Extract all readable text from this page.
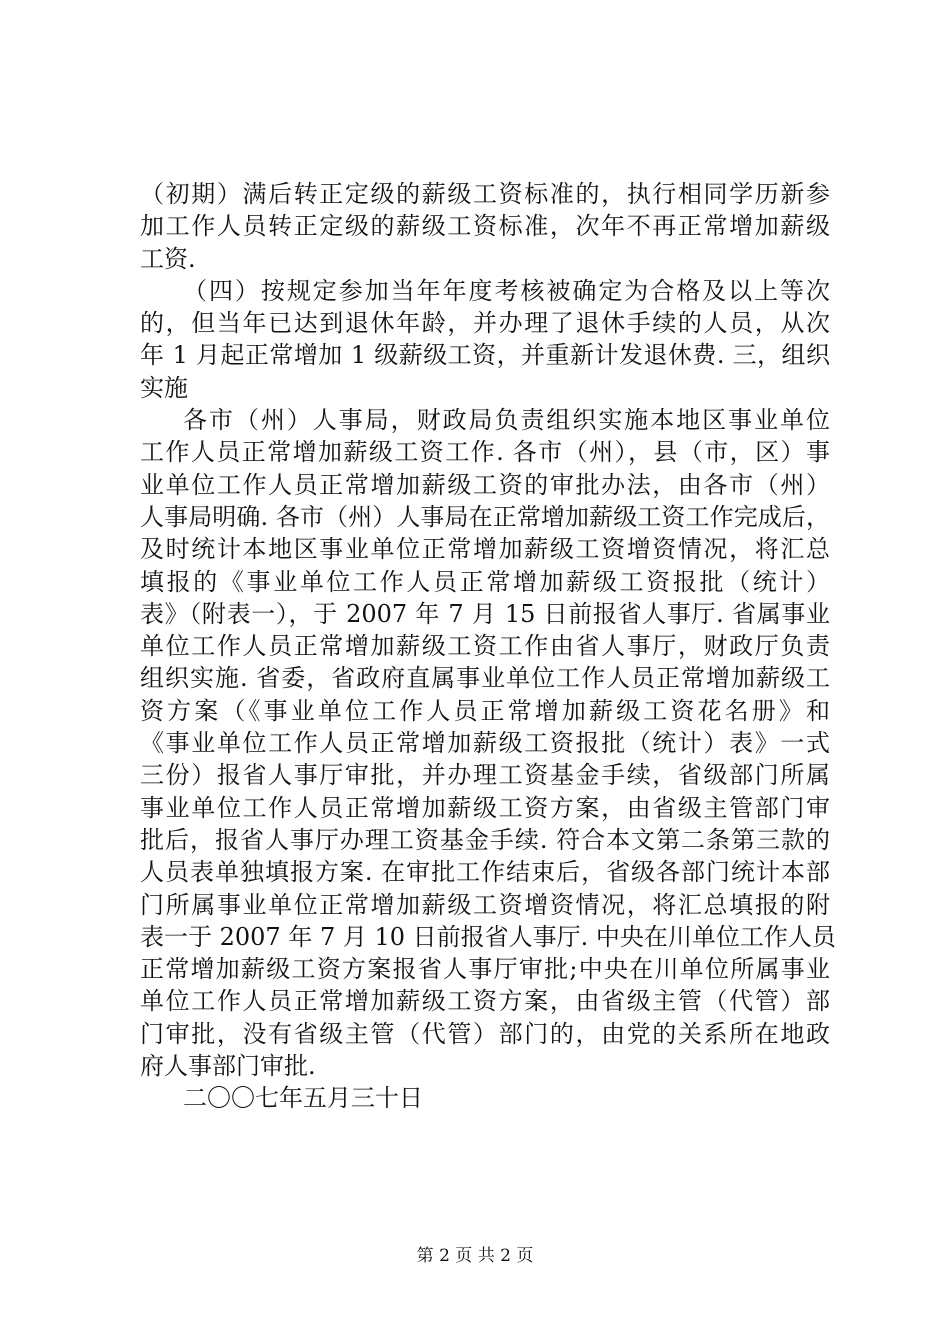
（初期）满后转正定级的薪级工资标准的，执行相同学历新参
加工作人员转正定级的薪级工资标准，次年不再正常增加薪级
工资.
（四）按规定参加当年年度考核被确定为合格及以上等次
的，但当年已达到退休年龄，并办理了退休手续的人员，从次
年 1 月起正常增加 1 级薪级工资，并重新计发退休费. 三，组织
实施
各市（州）人事局，财政局负责组织实施本地区事业单位
工作人员正常增加薪级工资工作. 各市（州），县（市，区）事
业单位工作人员正常增加薪级工资的审批办法，由各市（州）
人事局明确. 各市（州）人事局在正常增加薪级工资工作完成后，
及时统计本地区事业单位正常增加薪级工资增资情况，将汇总
填报的《事业单位工作人员正常增加薪级工资报批（统计）
表》（附表一），于 2007 年 7 月 15 日前报省人事厅. 省属事业
单位工作人员正常增加薪级工资工作由省人事厅，财政厅负责
组织实施. 省委，省政府直属事业单位工作人员正常增加薪级工
资方案（《事业单位工作人员正常增加薪级工资花名册》和
《事业单位工作人员正常增加薪级工资报批（统计）表》一式
三份）报省人事厅审批，并办理工资基金手续，省级部门所属
事业单位工作人员正常增加薪级工资方案，由省级主管部门审
批后，报省人事厅办理工资基金手续. 符合本文第二条第三款的
人员表单独填报方案. 在审批工作结束后，省级各部门统计本部
门所属事业单位正常增加薪级工资增资情况，将汇总填报的附
表一于 2007 年 7 月 10 日前报省人事厅. 中央在川单位工作人员
正常增加薪级工资方案报省人事厅审批;中央在川单位所属事业
单位工作人员正常增加薪级工资方案，由省级主管（代管）部
门审批，没有省级主管（代管）部门的，由党的关系所在地政
府人事部门审批.
二〇〇七年五月三十日
第 2 页 共 2 页
